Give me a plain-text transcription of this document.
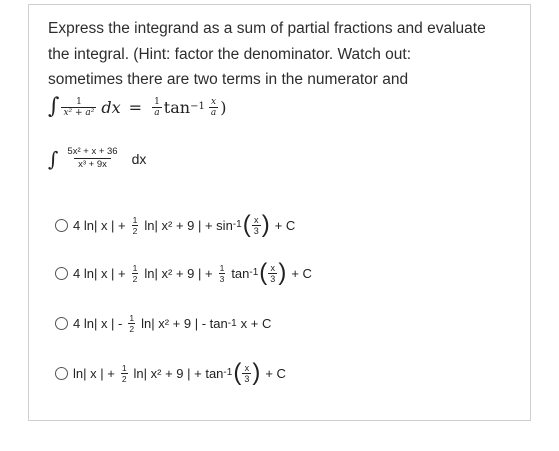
Express the integrand as a sum of partial fractions and evaluate

the integral. (Hint: factor the denominator. Watch out:

sometimes there are two terms in the numerator and

∫ $\frac{1}{\text{x² + a²}}$ dx = $\frac{1}{a}$ $\tan -1 \frac{x}{a}$ )
∫ $\frac{\text{5x² + x + 36}}{\text{x³ + 9x}}$ dx
4 ln| x | + $\frac{1}{2} \ln|$ x² + 9 | + sin -1 ( $\frac{x}{3}$ ) + C
4 ln| x | + $\frac{1}{2} \ln|$ x² + 9 | + $\frac{1}{3}$ tan -1 ( $\frac{x}{3}$ ) + C
4 ln| x | - $\frac{1}{2} \ln|$ x² + 9 | - tan -1 x + C
ln| x | + $\frac{1}{2} \ln|$ x² + 9 | + tan -1 ( $\frac{x}{3}$ ) + C
